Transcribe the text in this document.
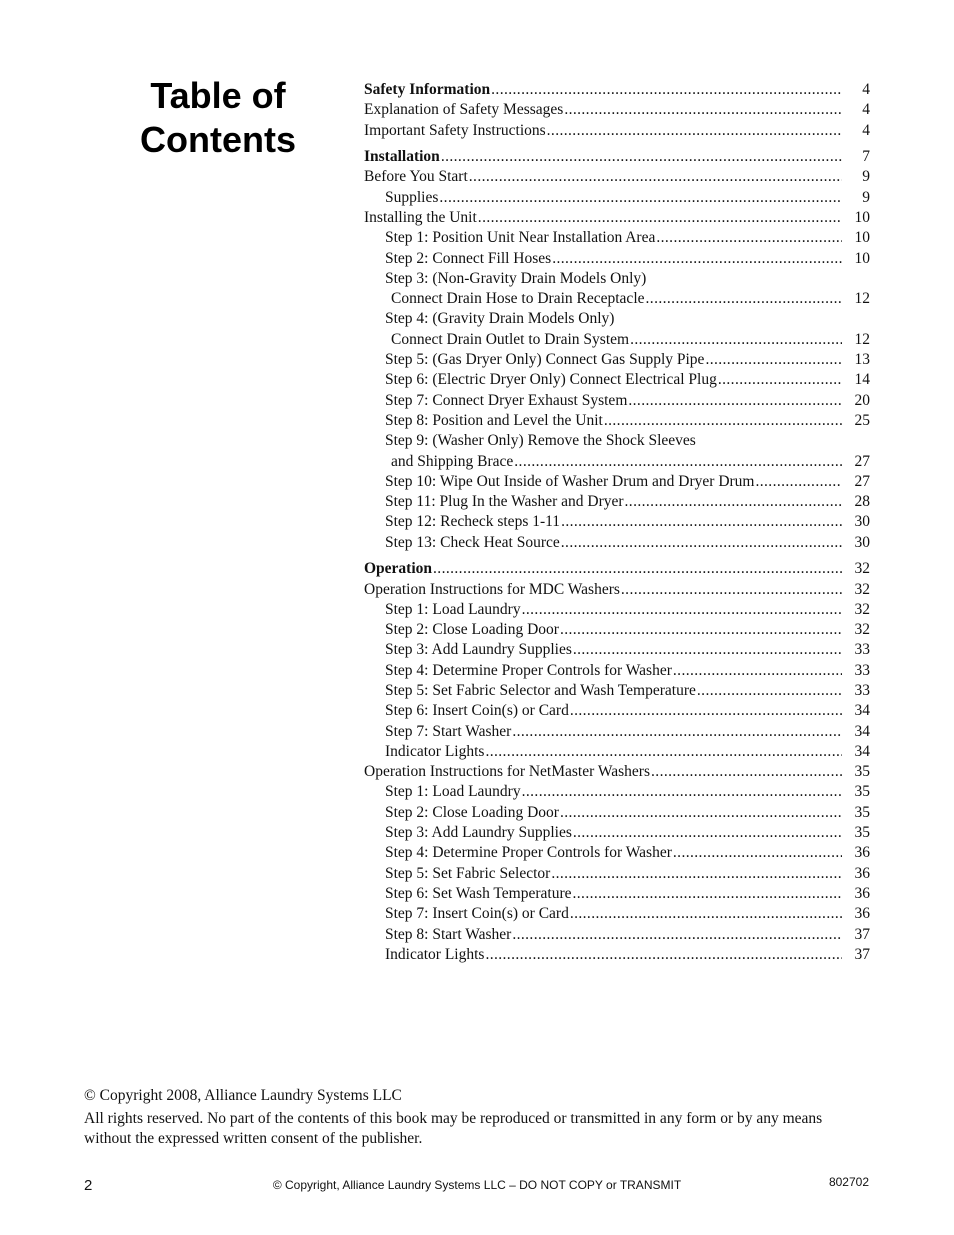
Table of
Contents
Safety Information .....	4
Explanation of Safety Messages .....	4
Important Safety Instructions .....	4
Installation .....	7
Before You Start .....	9
Supplies .....	9
Installing the Unit .....	10
Step 1: Position Unit Near Installation Area .....	10
Step 2: Connect Fill Hoses .....	10
Step 3: (Non-Gravity Drain Models Only)
Connect Drain Hose to Drain Receptacle .....	12
Step 4: (Gravity Drain Models Only)
Connect Drain Outlet to Drain System .....	12
Step 5: (Gas Dryer Only) Connect Gas Supply Pipe .....	13
Step 6: (Electric Dryer Only) Connect Electrical Plug .....	14
Step 7: Connect Dryer Exhaust System .....	20
Step 8: Position and Level the Unit .....	25
Step 9: (Washer Only) Remove the Shock Sleeves
and Shipping Brace .....	27
Step 10: Wipe Out Inside of Washer Drum and Dryer Drum .....	27
Step 11: Plug In the Washer and Dryer .....	28
Step 12: Recheck steps 1-11 .....	30
Step 13: Check Heat Source .....	30
Operation .....	32
Operation Instructions for MDC Washers .....	32
Step 1: Load Laundry .....	32
Step 2: Close Loading Door .....	32
Step 3: Add Laundry Supplies .....	33
Step 4: Determine Proper Controls for Washer .....	33
Step 5: Set Fabric Selector and Wash Temperature .....	33
Step 6: Insert Coin(s) or Card .....	34
Step 7: Start Washer .....	34
Indicator Lights .....	34
Operation Instructions for NetMaster Washers .....	35
Step 1: Load Laundry .....	35
Step 2: Close Loading Door .....	35
Step 3: Add Laundry Supplies .....	35
Step 4: Determine Proper Controls for Washer .....	36
Step 5: Set Fabric Selector .....	36
Step 6: Set Wash Temperature .....	36
Step 7: Insert Coin(s) or Card .....	36
Step 8: Start Washer .....	37
Indicator Lights .....	37
© Copyright 2008, Alliance Laundry Systems LLC
All rights reserved. No part of the contents of this book may be reproduced or transmitted in any form or by any means without the expressed written consent of the publisher.
2	© Copyright, Alliance Laundry Systems LLC – DO NOT COPY or TRANSMIT	802702
